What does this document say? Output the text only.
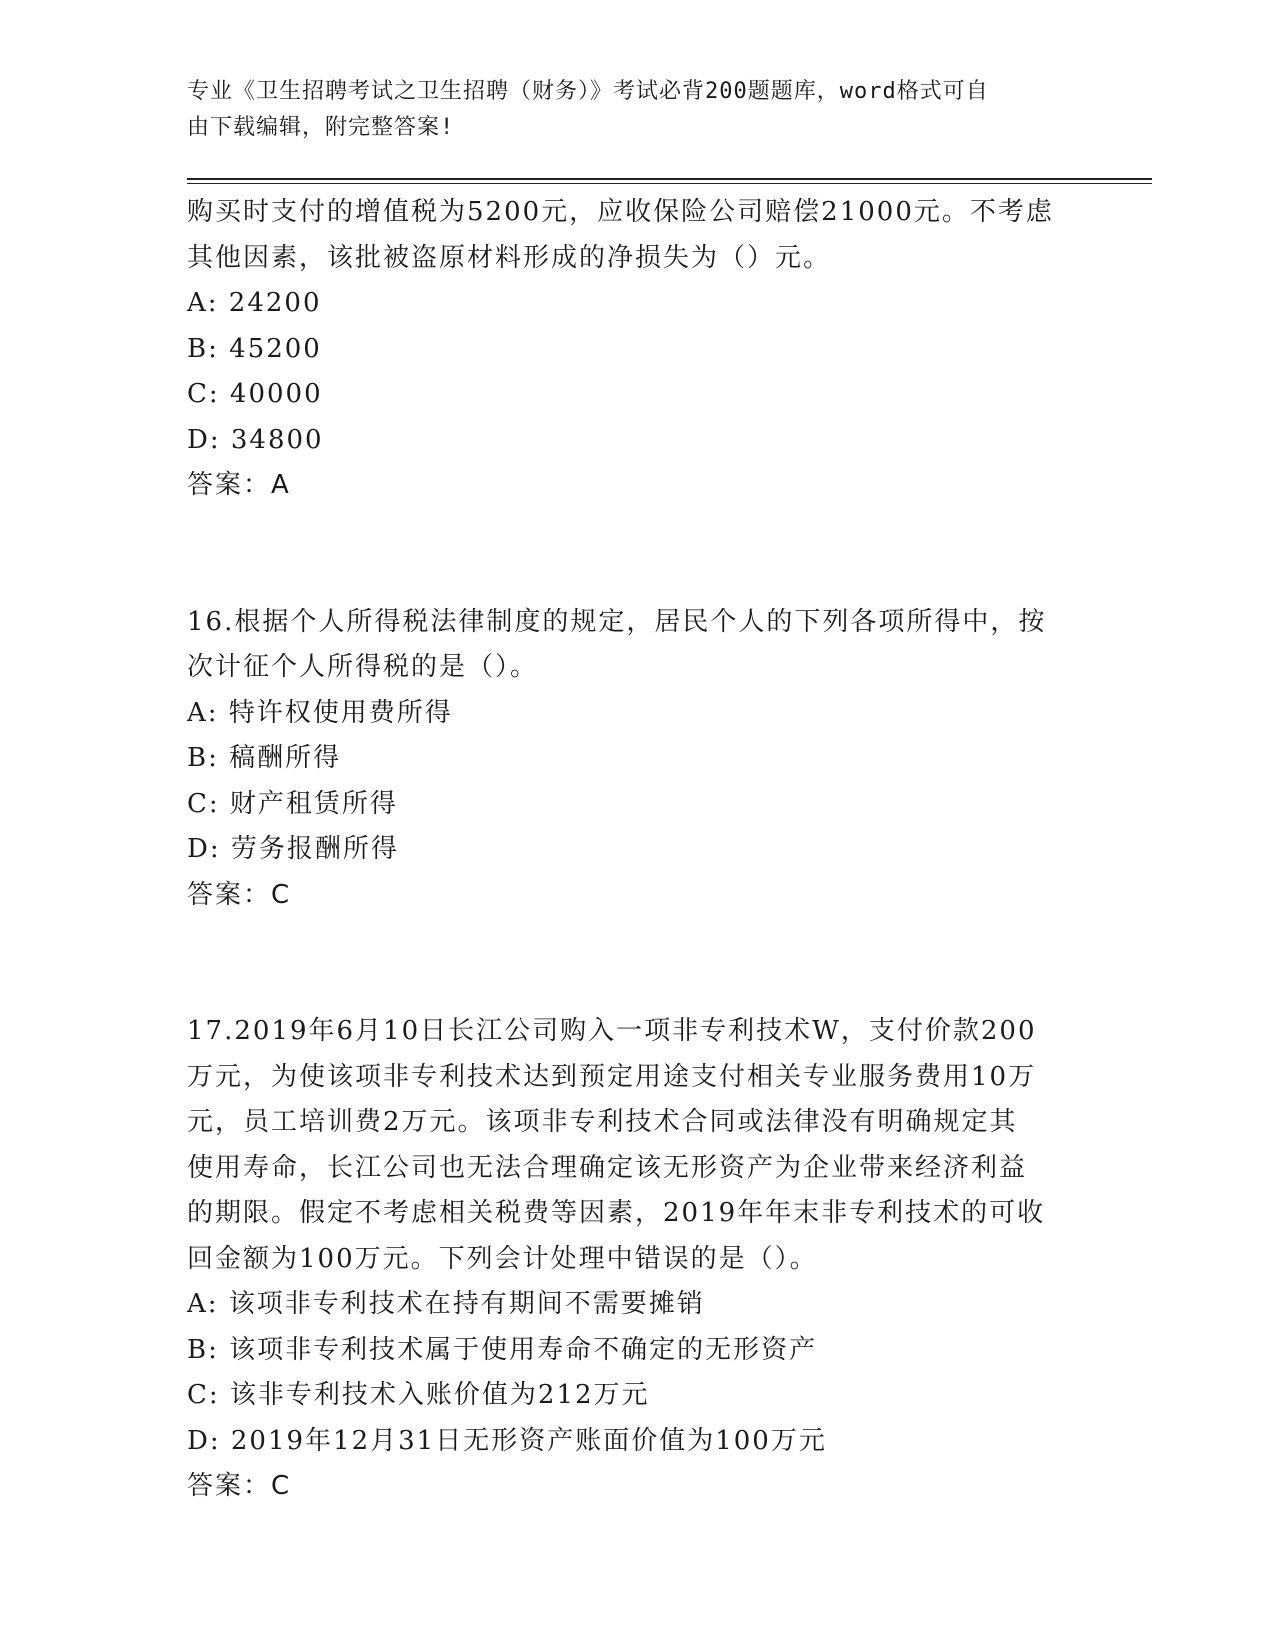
专业《卫生招聘考试之卫生招聘（财务）》考试必背200题题库，word格式可自
由下载编辑，附完整答案!
购买时支付的增值税为5200元，应收保险公司赔偿21000元。不考虑
其他因素，该批被盗原材料形成的净损失为（）元。
A: 24200
B: 45200
C: 40000
D: 34800
答案：A
16.根据个人所得税法律制度的规定，居民个人的下列各项所得中，按
次计征个人所得税的是（）。
A: 特许权使用费所得
B: 稿酬所得
C: 财产租赁所得
D: 劳务报酬所得
答案：C
17.2019年6月10日长江公司购入一项非专利技术W，支付价款200
万元，为使该项非专利技术达到预定用途支付相关专业服务费用10万
元，员工培训费2万元。该项非专利技术合同或法律没有明确规定其
使用寿命，长江公司也无法合理确定该无形资产为企业带来经济利益
的期限。假定不考虑相关税费等因素，2019年年末非专利技术的可收
回金额为100万元。下列会计处理中错误的是（）。
A: 该项非专利技术在持有期间不需要摊销
B: 该项非专利技术属于使用寿命不确定的无形资产
C: 该非专利技术入账价值为212万元
D: 2019年12月31日无形资产账面价值为100万元
答案：C
